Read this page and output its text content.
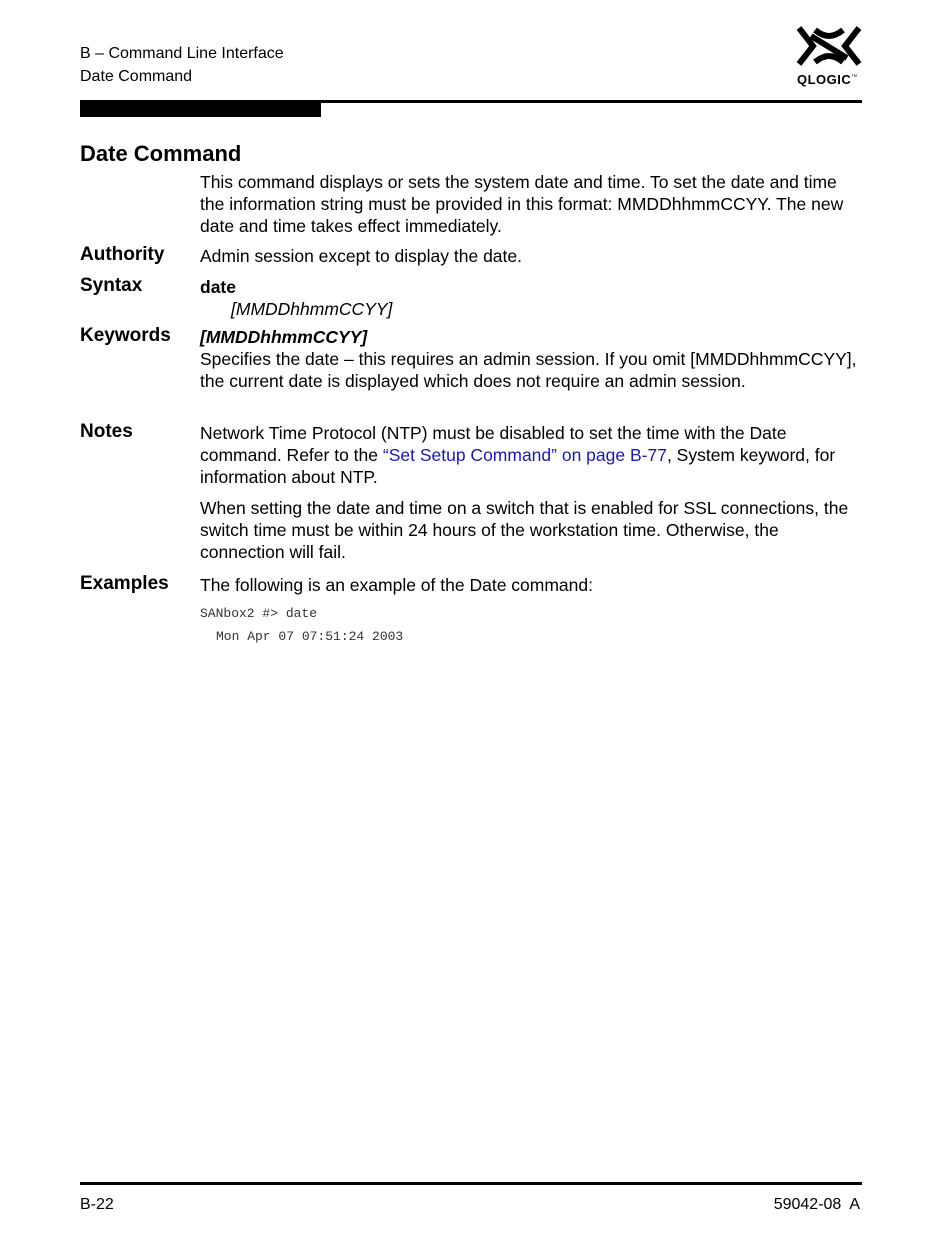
B – Command Line Interface
Date Command	QLOGIC™
Date Command
This command displays or sets the system date and time. To set the date and time the information string must be provided in this format: MMDDhhmmCCYY. The new date and time takes effect immediately.
Authority Admin session except to display the date.
Syntax	date
[MMDDhhmmCCYY]
Keywords [MMDDhhmmCCYY]
Specifies the date – this requires an admin session. If you omit [MMDDhhmmCCYY], the current date is displayed which does not require an admin session.
Notes	Network Time Protocol (NTP) must be disabled to set the time with the Date command. Refer to the “Set Setup Command” on page B-77, System keyword, for information about NTP.
When setting the date and time on a switch that is enabled for SSL connections, the switch time must be within 24 hours of the workstation time. Otherwise, the connection will fail.
Examples The following is an example of the Date command:
SANbox2 #> date
Mon Apr 07 07:51:24 2003
B-22	59042-08  A
